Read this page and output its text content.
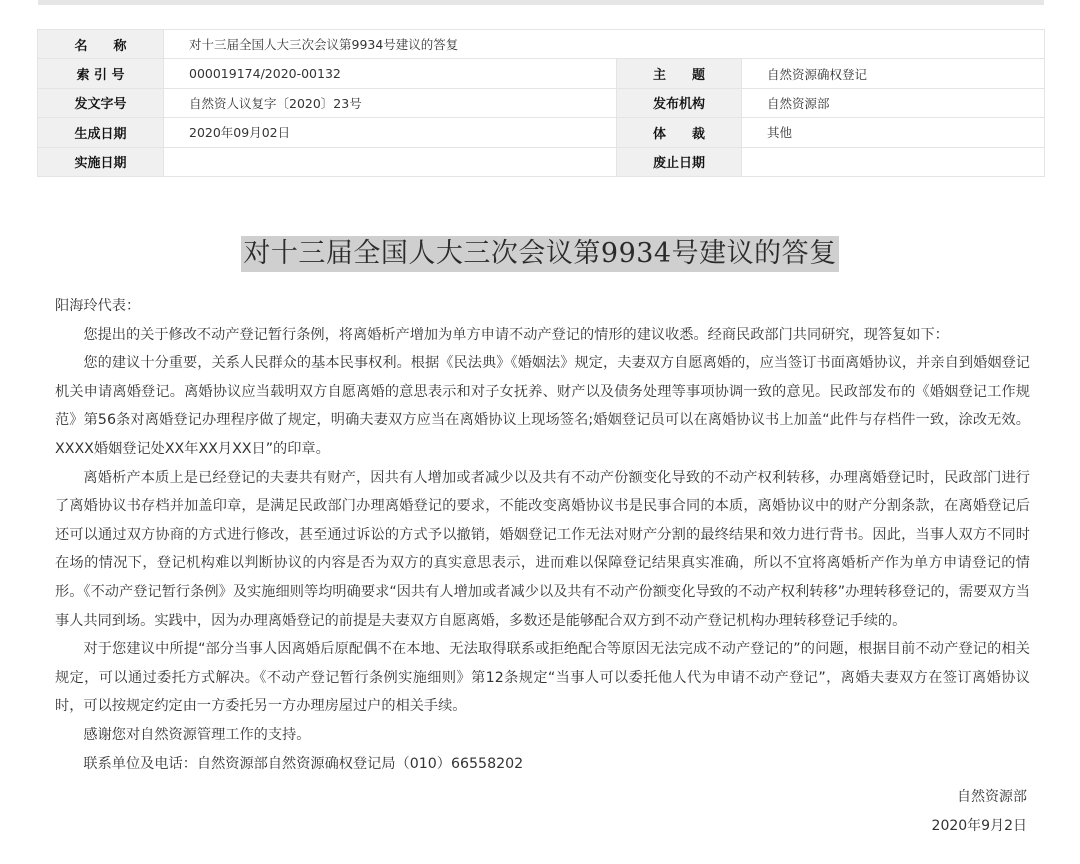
名　　称	对十三届全国人大三次会议第9934号建议的答复		
索 引 号	000019174/2020-00132	主　　题	自然资源确权登记
发文字号	自然资人议复字〔2020〕23号	发布机构	自然资源部
生成日期	2020年09月02日	体　　裁	其他
实施日期		废止日期	
对十三届全国人大三次会议第9934号建议的答复

阳海玲代表：

您提出的关于修改不动产登记暂行条例，将离婚析产增加为单方申请不动产登记的情形的建议收悉。经商民政部门共同研究，现答复如下：

您的建议十分重要，关系人民群众的基本民事权利。根据《民法典》《婚姻法》规定，夫妻双方自愿离婚的，应当签订书面离婚协议，并亲自到婚姻登记机关申请离婚登记。离婚协议应当载明双方自愿离婚的意思表示和对子女抚养、财产以及债务处理等事项协调一致的意见。民政部发布的《婚姻登记工作规范》第56条对离婚登记办理程序做了规定，明确夫妻双方应当在离婚协议上现场签名;婚姻登记员可以在离婚协议书上加盖“此件与存档件一致，涂改无效。XXXX婚姻登记处XX年XX月XX日”的印章。

离婚析产本质上是已经登记的夫妻共有财产，因共有人增加或者减少以及共有不动产份额变化导致的不动产权利转移，办理离婚登记时，民政部门进行了离婚协议书存档并加盖印章，是满足民政部门办理离婚登记的要求，不能改变离婚协议书是民事合同的本质，离婚协议中的财产分割条款，在离婚登记后还可以通过双方协商的方式进行修改，甚至通过诉讼的方式予以撤销，婚姻登记工作无法对财产分割的最终结果和效力进行背书。因此，当事人双方不同时在场的情况下，登记机构难以判断协议的内容是否为双方的真实意思表示，进而难以保障登记结果真实准确，所以不宜将离婚析产作为单方申请登记的情形。《不动产登记暂行条例》及实施细则等均明确要求“因共有人增加或者减少以及共有不动产份额变化导致的不动产权利转移”办理转移登记的，需要双方当事人共同到场。实践中，因为办理离婚登记的前提是夫妻双方自愿离婚，多数还是能够配合双方到不动产登记机构办理转移登记手续的。

对于您建议中所提“部分当事人因离婚后原配偶不在本地、无法取得联系或拒绝配合等原因无法完成不动产登记的”的问题，根据目前不动产登记的相关规定，可以通过委托方式解决。《不动产登记暂行条例实施细则》第12条规定“当事人可以委托他人代为申请不动产登记”，离婚夫妻双方在签订离婚协议时，可以按规定约定由一方委托另一方办理房屋过户的相关手续。

感谢您对自然资源管理工作的支持。

联系单位及电话：自然资源部自然资源确权登记局（010）66558202

自然资源部
2020年9月2日
